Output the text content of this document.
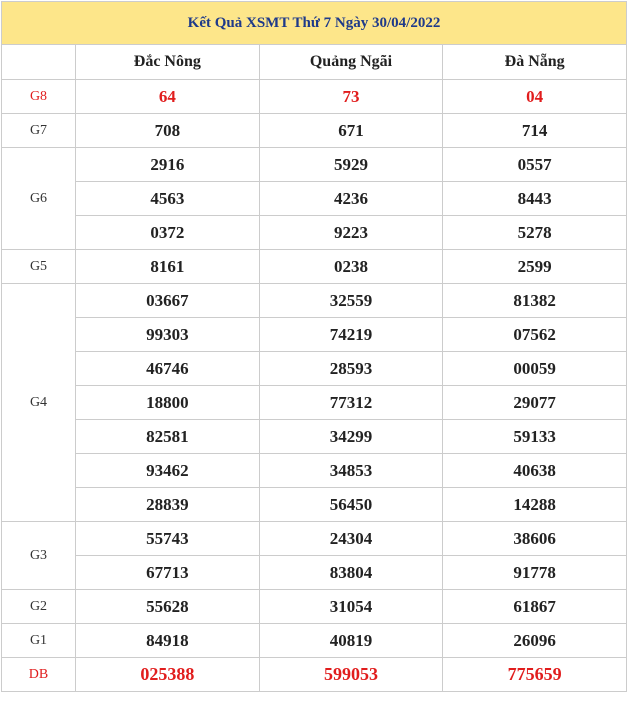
Kết Quả XSMT Thứ 7 Ngày 30/04/2022			
	Đắc Nông	Quảng Ngãi	Đà Nẵng
G8	64	73	04
G7	708	671	714
G6	2916	5929	0557
	4563	4236	8443
	0372	9223	5278
G5	8161	0238	2599
G4	03667	32559	81382
	99303	74219	07562
	46746	28593	00059
	18800	77312	29077
	82581	34299	59133
	93462	34853	40638
	28839	56450	14288
G3	55743	24304	38606
	67713	83804	91778
G2	55628	31054	61867
G1	84918	40819	26096
DB	025388	599053	775659
